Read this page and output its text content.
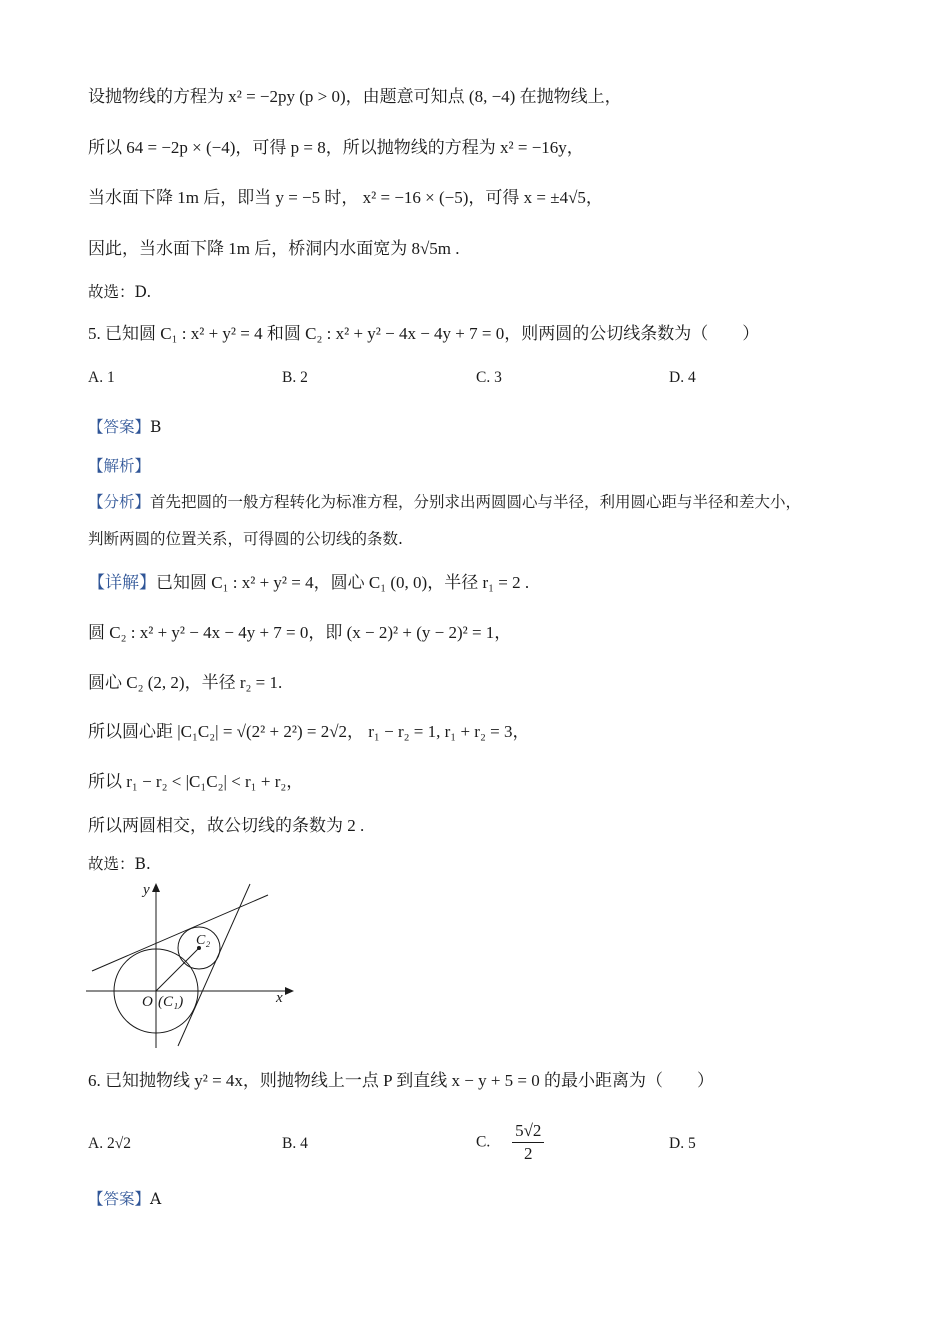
设抛物线的方程为 x² = −2py (p > 0)，由题意可知点 (8, −4) 在抛物线上，
所以 64 = −2p × (−4)，可得 p = 8，所以抛物线的方程为 x² = −16y，
当水面下降 1m 后，即当 y = −5 时， x² = −16 × (−5)，可得 x = ±4√5，
因此，当水面下降 1m 后，桥洞内水面宽为 8√5m .
故选：D.
5. 已知圆 C₁ : x² + y² = 4 和圆 C₂ : x² + y² − 4x − 4y + 7 = 0，则两圆的公切线条数为（　　）
A. 1	B. 2	C. 3	D. 4
【答案】B
【解析】
【分析】首先把圆的一般方程转化为标准方程，分别求出两圆圆心与半径，利用圆心距与半径和差大小，
判断两圆的位置关系，可得圆的公切线的条数.
【详解】已知圆 C₁ : x² + y² = 4，圆心 C₁ (0, 0)，半径 r₁ = 2 .
圆 C₂ : x² + y² − 4x − 4y + 7 = 0，即 (x − 2)² + (y − 2)² = 1，
圆心 C₂ (2, 2)，半径 r₂ = 1.
所以圆心距 |C₁C₂| = √(2² + 2²) = 2√2， r₁ − r₂ = 1, r₁ + r₂ = 3，
所以 r₁ − r₂ < |C₁C₂| < r₁ + r₂，
所以两圆相交，故公切线的条数为 2 .
故选：B.
y
x
O (C₁)
C₂
6. 已知抛物线 y² = 4x，则抛物线上一点 P 到直线 x − y + 5 = 0 的最小距离为（　　）
A. 2√2	B. 4	C. $\frac{5√2}{2}$	D. 5
【答案】A
